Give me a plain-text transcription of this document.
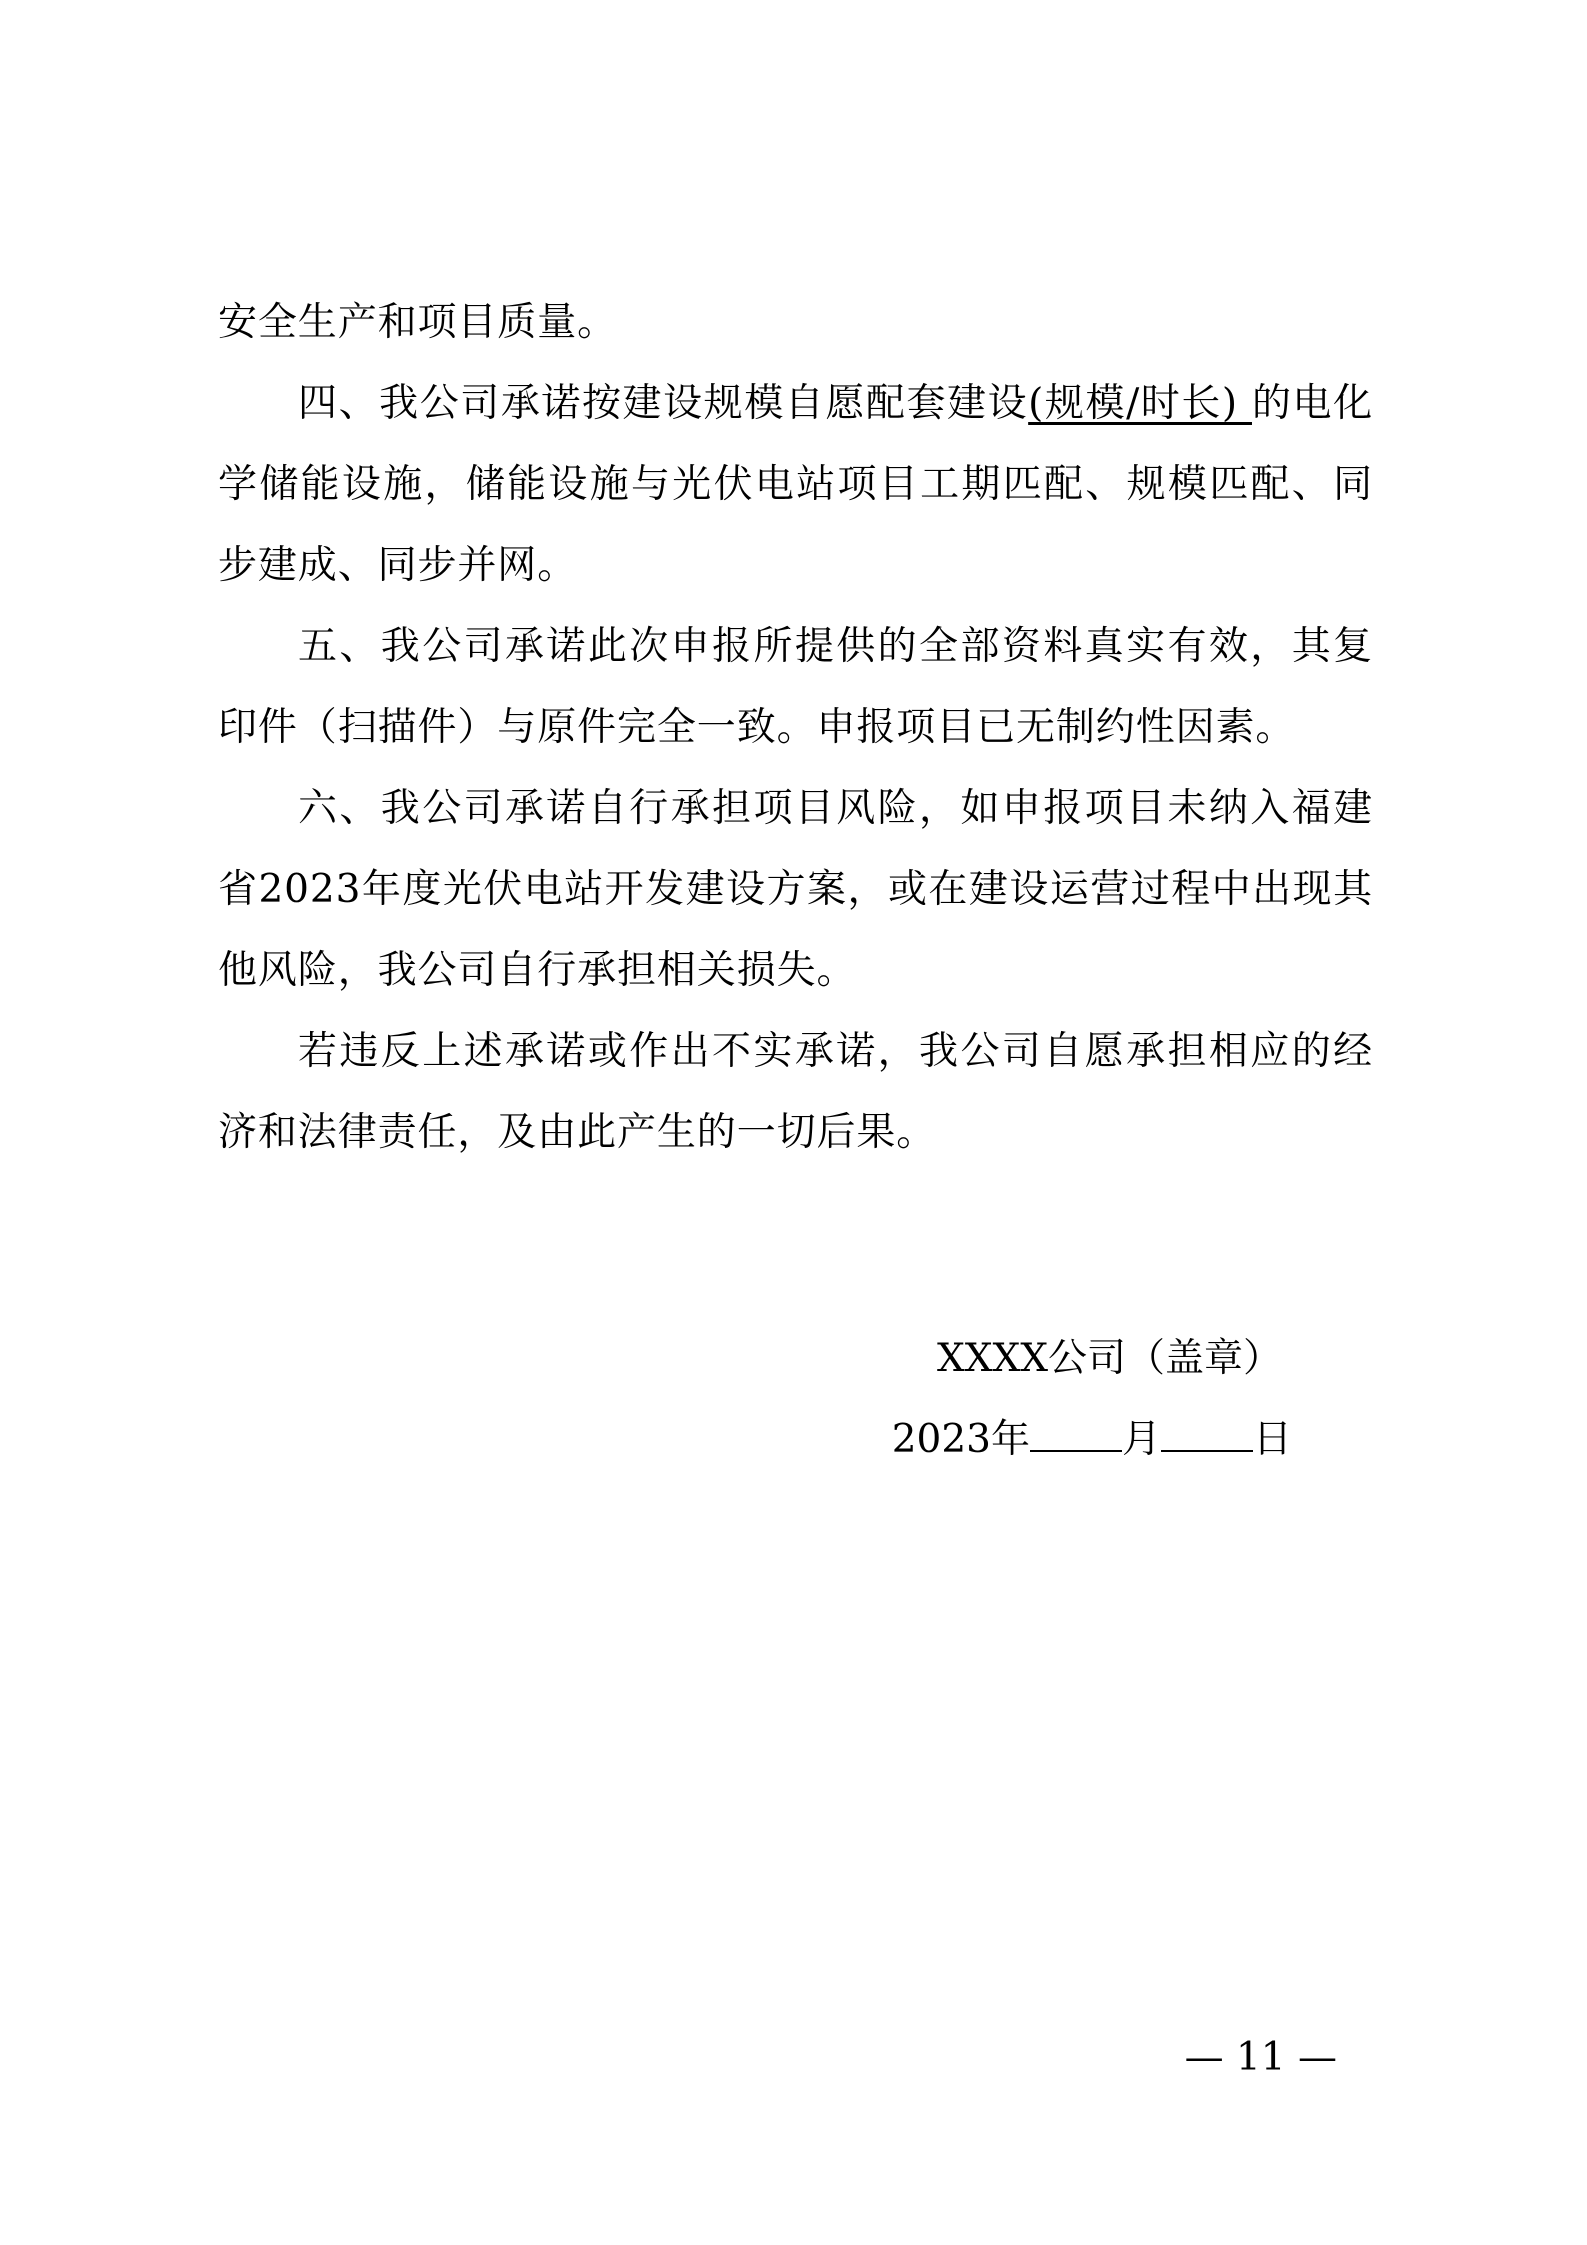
安全生产和项目质量。

四、我公司承诺按建设规模自愿配套建设(规模/时长) 的电化学储能设施，储能设施与光伏电站项目工期匹配、规模匹配、同步建成、同步并网。

五、我公司承诺此次申报所提供的全部资料真实有效，其复印件（扫描件）与原件完全一致。申报项目已无制约性因素。

六、我公司承诺自行承担项目风险，如申报项目未纳入福建省2023年度光伏电站开发建设方案，或在建设运营过程中出现其他风险，我公司自行承担相关损失。

若违反上述承诺或作出不实承诺，我公司自愿承担相应的经济和法律责任，及由此产生的一切后果。

XXXX公司（盖章）
2023年 月 日
— 11 —
